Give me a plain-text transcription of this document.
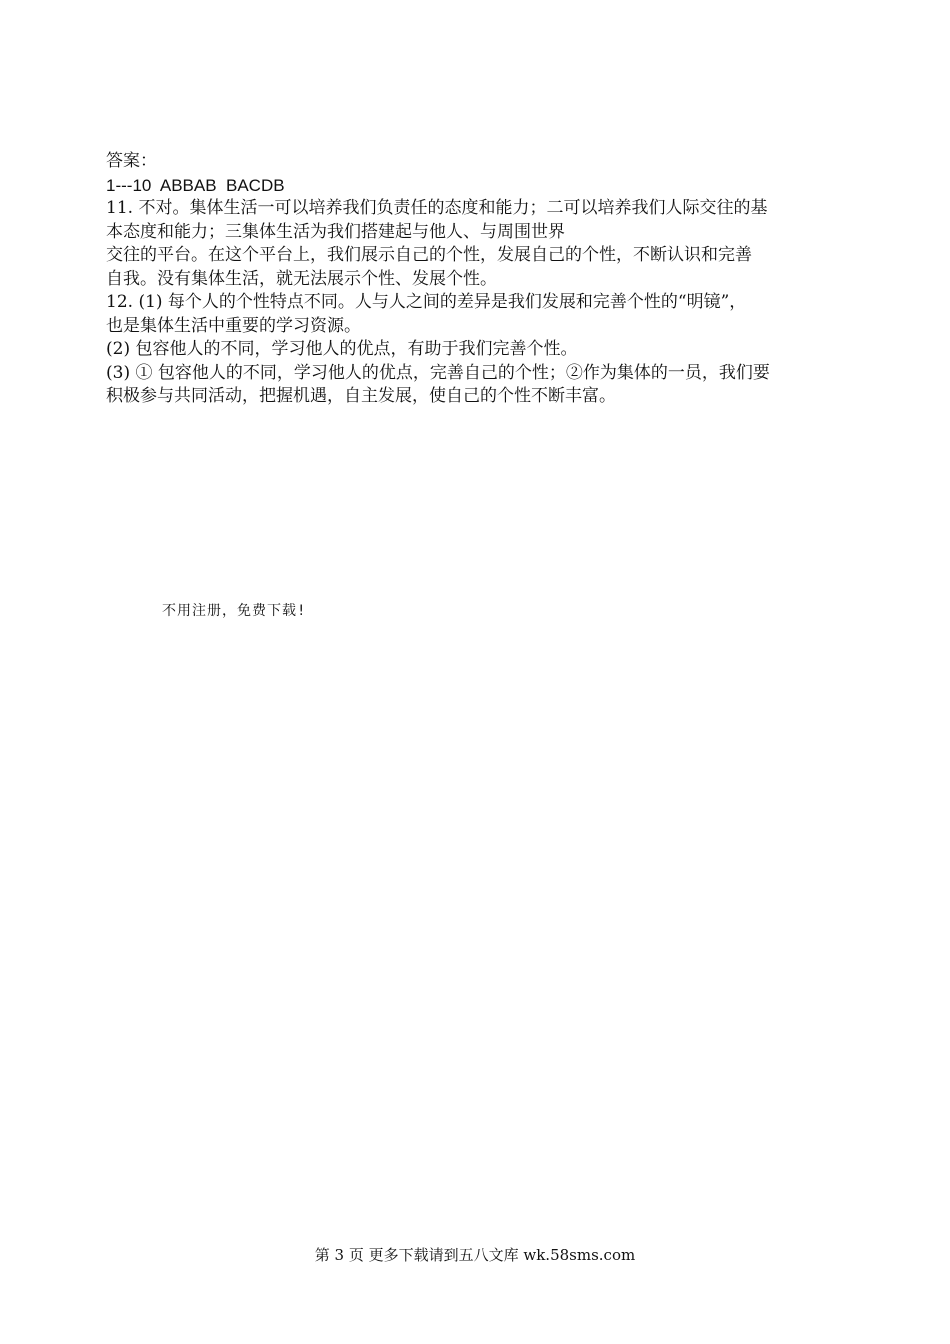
答案：
1---10  ABBAB  BACDB
11. 不对。集体生活一可以培养我们负责任的态度和能力；二可以培养我们人际交往的基
本态度和能力；三集体生活为我们搭建起与他人、与周围世界
交往的平台。在这个平台上，我们展示自己的个性，发展自己的个性，不断认识和完善
自我。没有集体生活，就无法展示个性、发展个性。
12. (1) 每个人的个性特点不同。人与人之间的差异是我们发展和完善个性的“明镜”，
也是集体生活中重要的学习资源。
(2) 包容他人的不同，学习他人的优点，有助于我们完善个性。
(3) ① 包容他人的不同，学习他人的优点，完善自己的个性；②作为集体的一员，我们要
积极参与共同活动，把握机遇，自主发展，使自己的个性不断丰富。
不用注册，免费下载!
第 3 页 更多下载请到五八文库 wk.58sms.com
